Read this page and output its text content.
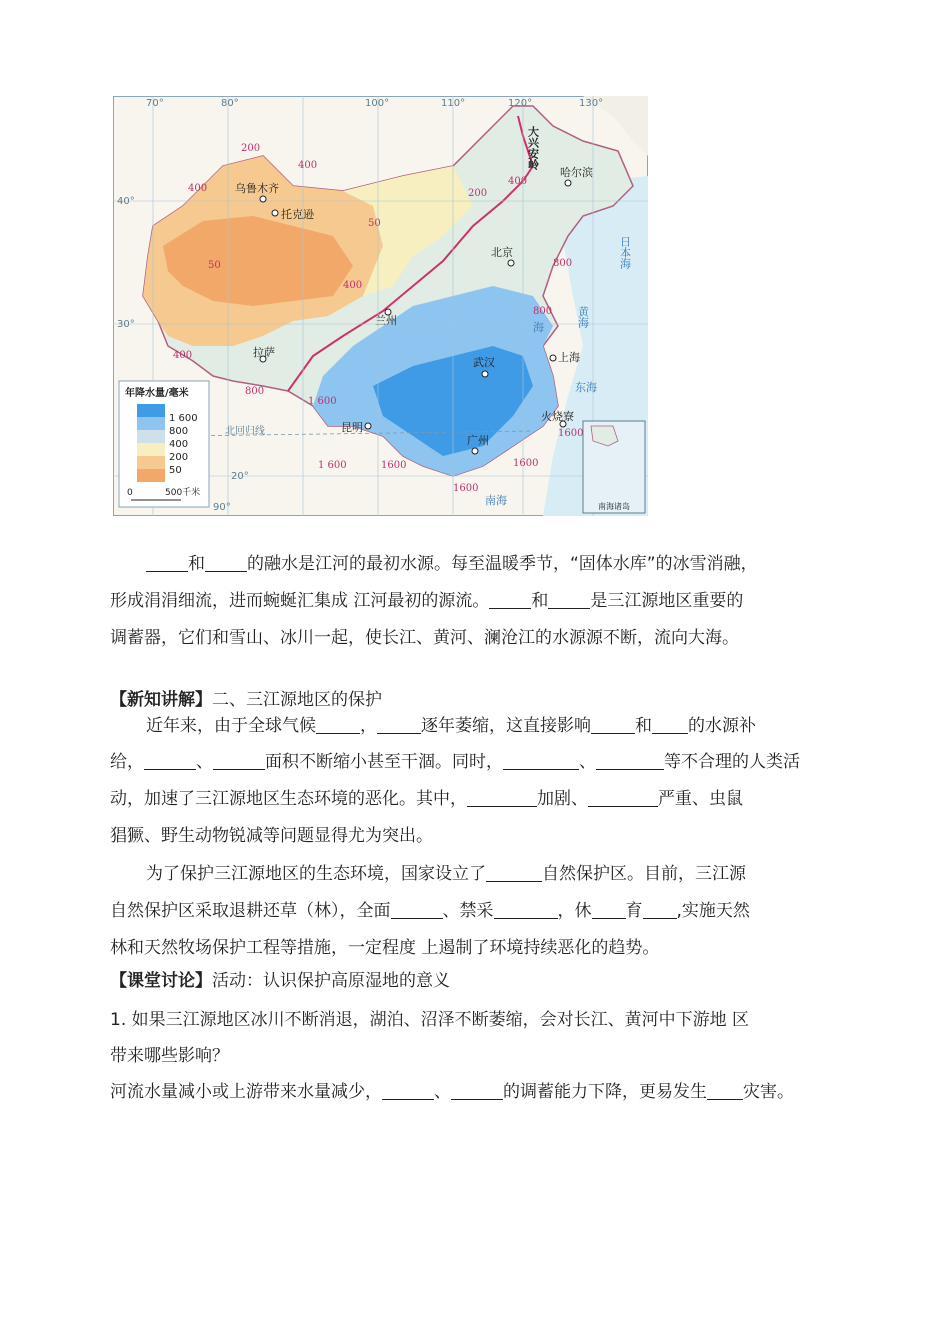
70°	80°
90°
100°	110°	120°	130°
40°
30°
20°
200
400
400
50
50
200
400
800
800
400
400
800
1 600
1 600	1600
1600
1600
1600
乌鲁木齐
托克逊
哈尔滨
北京
兰州
上海
武汉
拉萨
昆明
广州
火烧寮
大兴安岭
日本海
黄海
东海
南海
海
北回归线
南海诸岛
年降水量/毫米
1 600
800
400
200
50
0	500千米
和 的融水是江河的最初水源。每至温暖季节，“固体水库”的冰雪消融，
形成涓涓细流，进而蜿蜒汇集成 江河最初的源流。 和 是三江源地区重要的
调蓄器，它们和雪山、冰川一起，使长江、黄河、澜沧江的水源源不断，流向大海。
【新知讲解】二、三江源地区的保护
近年来，由于全球气候	，	逐年萎缩，这直接影响	和 的水源补
给，	、	面积不断缩小甚至干涸。同时，	、	等不合理的人类活
动，加速了三江源地区生态环境的恶化。其中，	加剧、	严重、虫鼠
猖獗、野生动物锐减等问题显得尤为突出。
为了保护三江源地区的生态环境，国家设立了	自然保护区。目前，三江源
自然保护区采取退耕还草（林），全面	、禁采	，休 育 ,实施天然
林和天然牧场保护工程等措施，一定程度 上遏制了环境持续恶化的趋势。
【课堂讨论】活动：认识保护高原湿地的意义
1. 如果三江源地区冰川不断消退，湖泊、沼泽不断萎缩，会对长江、黄河中下游地 区
带来哪些影响？
河流水量减小或上游带来水量减少，	、	的调蓄能力下降，更易发生 灾害。
